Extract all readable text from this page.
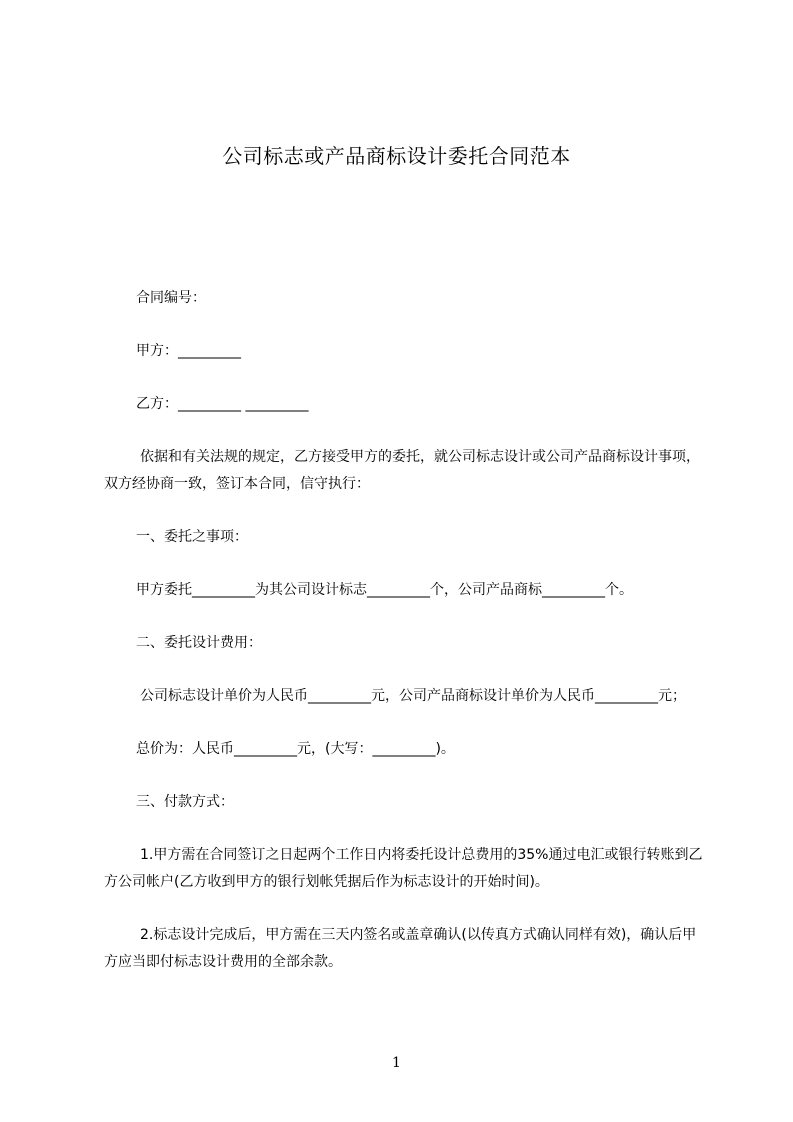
公司标志或产品商标设计委托合同范本

合同编号：

甲方：_________

乙方：_________ _________

依据和有关法规的规定，乙方接受甲方的委托，就公司标志设计或公司产品商标设计事项，双方经协商一致，签订本合同，信守执行：

一、委托之事项：

甲方委托_________为其公司设计标志_________个，公司产品商标_________个。

二、委托设计费用：

公司标志设计单价为人民币_________元，公司产品商标设计单价为人民币_________元；

总价为：人民币_________元，(大写：_________)。

三、付款方式：

1.甲方需在合同签订之日起两个工作日内将委托设计总费用的35%通过电汇或银行转账到乙方公司帐户(乙方收到甲方的银行划帐凭据后作为标志设计的开始时间)。

2.标志设计完成后，甲方需在三天内签名或盖章确认(以传真方式确认同样有效)，确认后甲方应当即付标志设计费用的全部余款。

1
